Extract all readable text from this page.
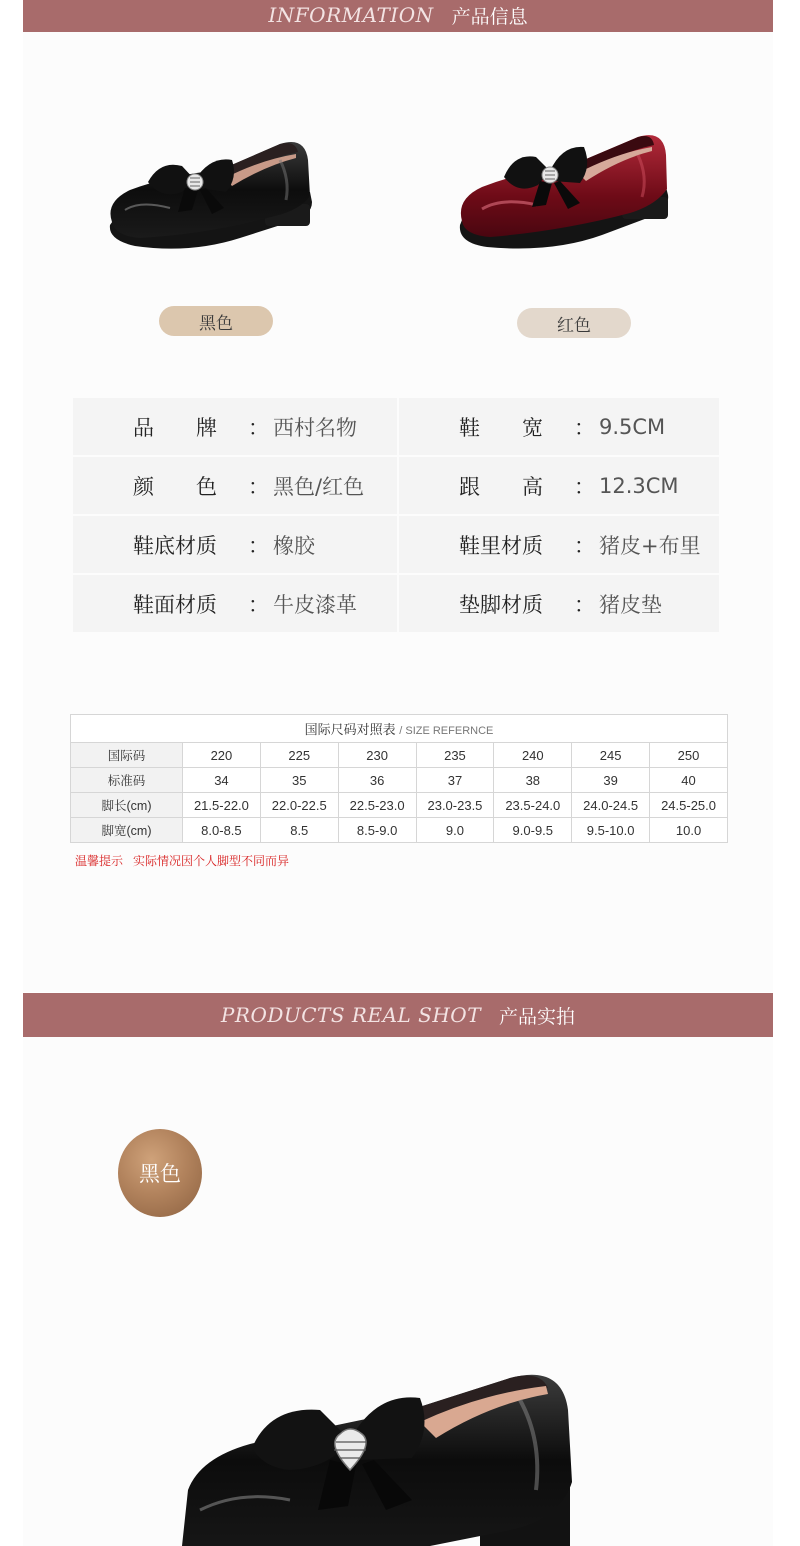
INFORMATION 产品信息
黑色	红色
品　　牌	： 西村名物	鞋　　宽	： 9.5CM
颜　　色	： 黑色/红色	跟　　高	： 12.3CM
鞋底材质	： 橡胶	鞋里材质	： 猪皮+布里
鞋面材质	： 牛皮漆革	垫脚材质	： 猪皮垫
国际尺码对照表 / SIZE REFERNCE							
国际码	220	225	230	235	240	245	250
标准码	34	35	36	37	38	39	40
脚长(cm)	21.5-22.0	22.0-22.5	22.5-23.0	23.0-23.5	23.5-24.0	24.0-24.5	24.5-25.0
脚宽(cm)	8.0-8.5	8.5	8.5-9.0	9.0	9.0-9.5	9.5-10.0	10.0
温馨提示 实际情况因个人脚型不同而异
PRODUCTS REAL SHOT 产品实拍
黑色
